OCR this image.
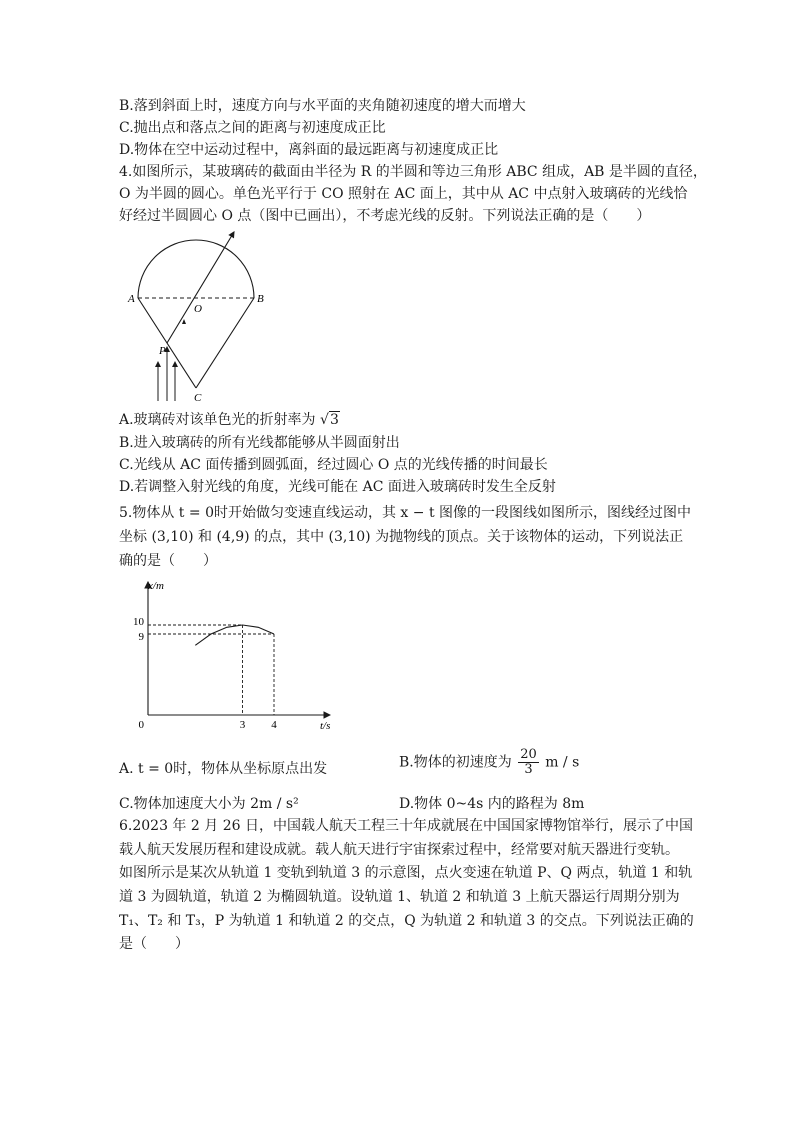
B.落到斜面上时，速度方向与水平面的夹角随初速度的增大而增大
C.抛出点和落点之间的距离与初速度成正比
D.物体在空中运动过程中，离斜面的最远距离与初速度成正比
4.如图所示，某玻璃砖的截面由半径为 R 的半圆和等边三角形 ABC 组成，AB 是半圆的直径，
O 为半圆的圆心。单色光平行于 CO 照射在 AC 面上，其中从 AC 中点射入玻璃砖的光线恰
好经过半圆圆心 O 点（图中已画出），不考虑光线的反射。下列说法正确的是（　　）
A	B
O
P
C
A.玻璃砖对该单色光的折射率为 √3
B.进入玻璃砖的所有光线都能够从半圆面射出
C.光线从 AC 面传播到圆弧面，经过圆心 O 点的光线传播的时间最长
D.若调整入射光线的角度，光线可能在 AC 面进入玻璃砖时发生全反射
5.物体从 t = 0时开始做匀变速直线运动，其 x − t 图像的一段图线如图所示，图线经过图中
坐标 (3,10) 和 (4,9) 的点，其中 (3,10) 为抛物线的顶点。关于该物体的运动，下列说法正
确的是（　　）
x/m
t/s
9
10
0	3 4
A. t = 0时，物体从坐标原点出发	B.物体的初速度为 $\frac{20}{3}$ m / s
C.物体加速度大小为 2m / s²	D.物体 0~4s 内的路程为 8m
6.2023 年 2 月 26 日，中国载人航天工程三十年成就展在中国国家博物馆举行，展示了中国
载人航天发展历程和建设成就。载人航天进行宇宙探索过程中，经常要对航天器进行变轨。
如图所示是某次从轨道 1 变轨到轨道 3 的示意图，点火变速在轨道 P、Q 两点，轨道 1 和轨
道 3 为圆轨道，轨道 2 为椭圆轨道。设轨道 1、轨道 2 和轨道 3 上航天器运行周期分别为
T₁、T₂ 和 T₃，P 为轨道 1 和轨道 2 的交点，Q 为轨道 2 和轨道 3 的交点。下列说法正确的
是（　　）
